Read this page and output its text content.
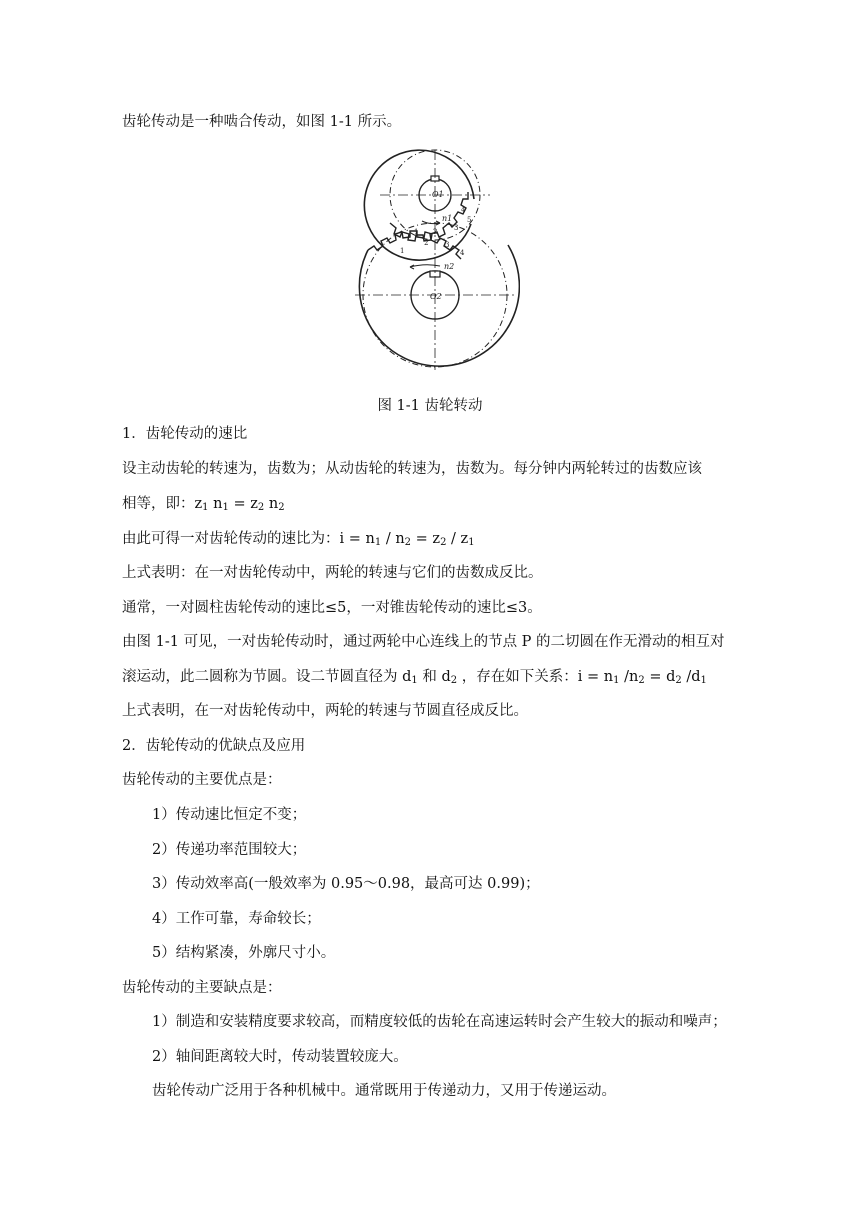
齿轮传动是一种啮合传动，如图 1-1 所示。
O1
O2
n1
n2
1 2 3
4
5
1
2 3
4
图 1-1 齿轮转动
1．齿轮传动的速比
设主动齿轮的转速为，齿数为；从动齿轮的转速为，齿数为。每分钟内两轮转过的齿数应该
相等，即：$z_1$ $n_1 = z_2$ $n_2$
由此可得一对齿轮传动的速比为：$i = n_1 / n_2 = z_2 / z_1$
上式表明：在一对齿轮传动中，两轮的转速与它们的齿数成反比。
通常，一对圆柱齿轮传动的速比≤5，一对锥齿轮传动的速比≤3。
由图 1-1 可见，一对齿轮传动时，通过两轮中心连线上的节点 P 的二切圆在作无滑动的相互对
滚运动，此二圆称为节圆。设二节圆直径为 $d_1$ 和 $d_2$ ，存在如下关系：$i = n_1$ $/n_2 = d_2$ $/d_1$
上式表明，在一对齿轮传动中，两轮的转速与节圆直径成反比。
2．齿轮传动的优缺点及应用
齿轮传动的主要优点是：
1）传动速比恒定不变；
2）传递功率范围较大；
3）传动效率高(一般效率为 0.95～0.98，最高可达 0.99)；
4）工作可靠，寿命较长；
5）结构紧凑，外廓尺寸小。
齿轮传动的主要缺点是：
1）制造和安装精度要求较高，而精度较低的齿轮在高速运转时会产生较大的振动和噪声；
2）轴间距离较大时，传动装置较庞大。
齿轮传动广泛用于各种机械中。通常既用于传递动力，又用于传递运动。
